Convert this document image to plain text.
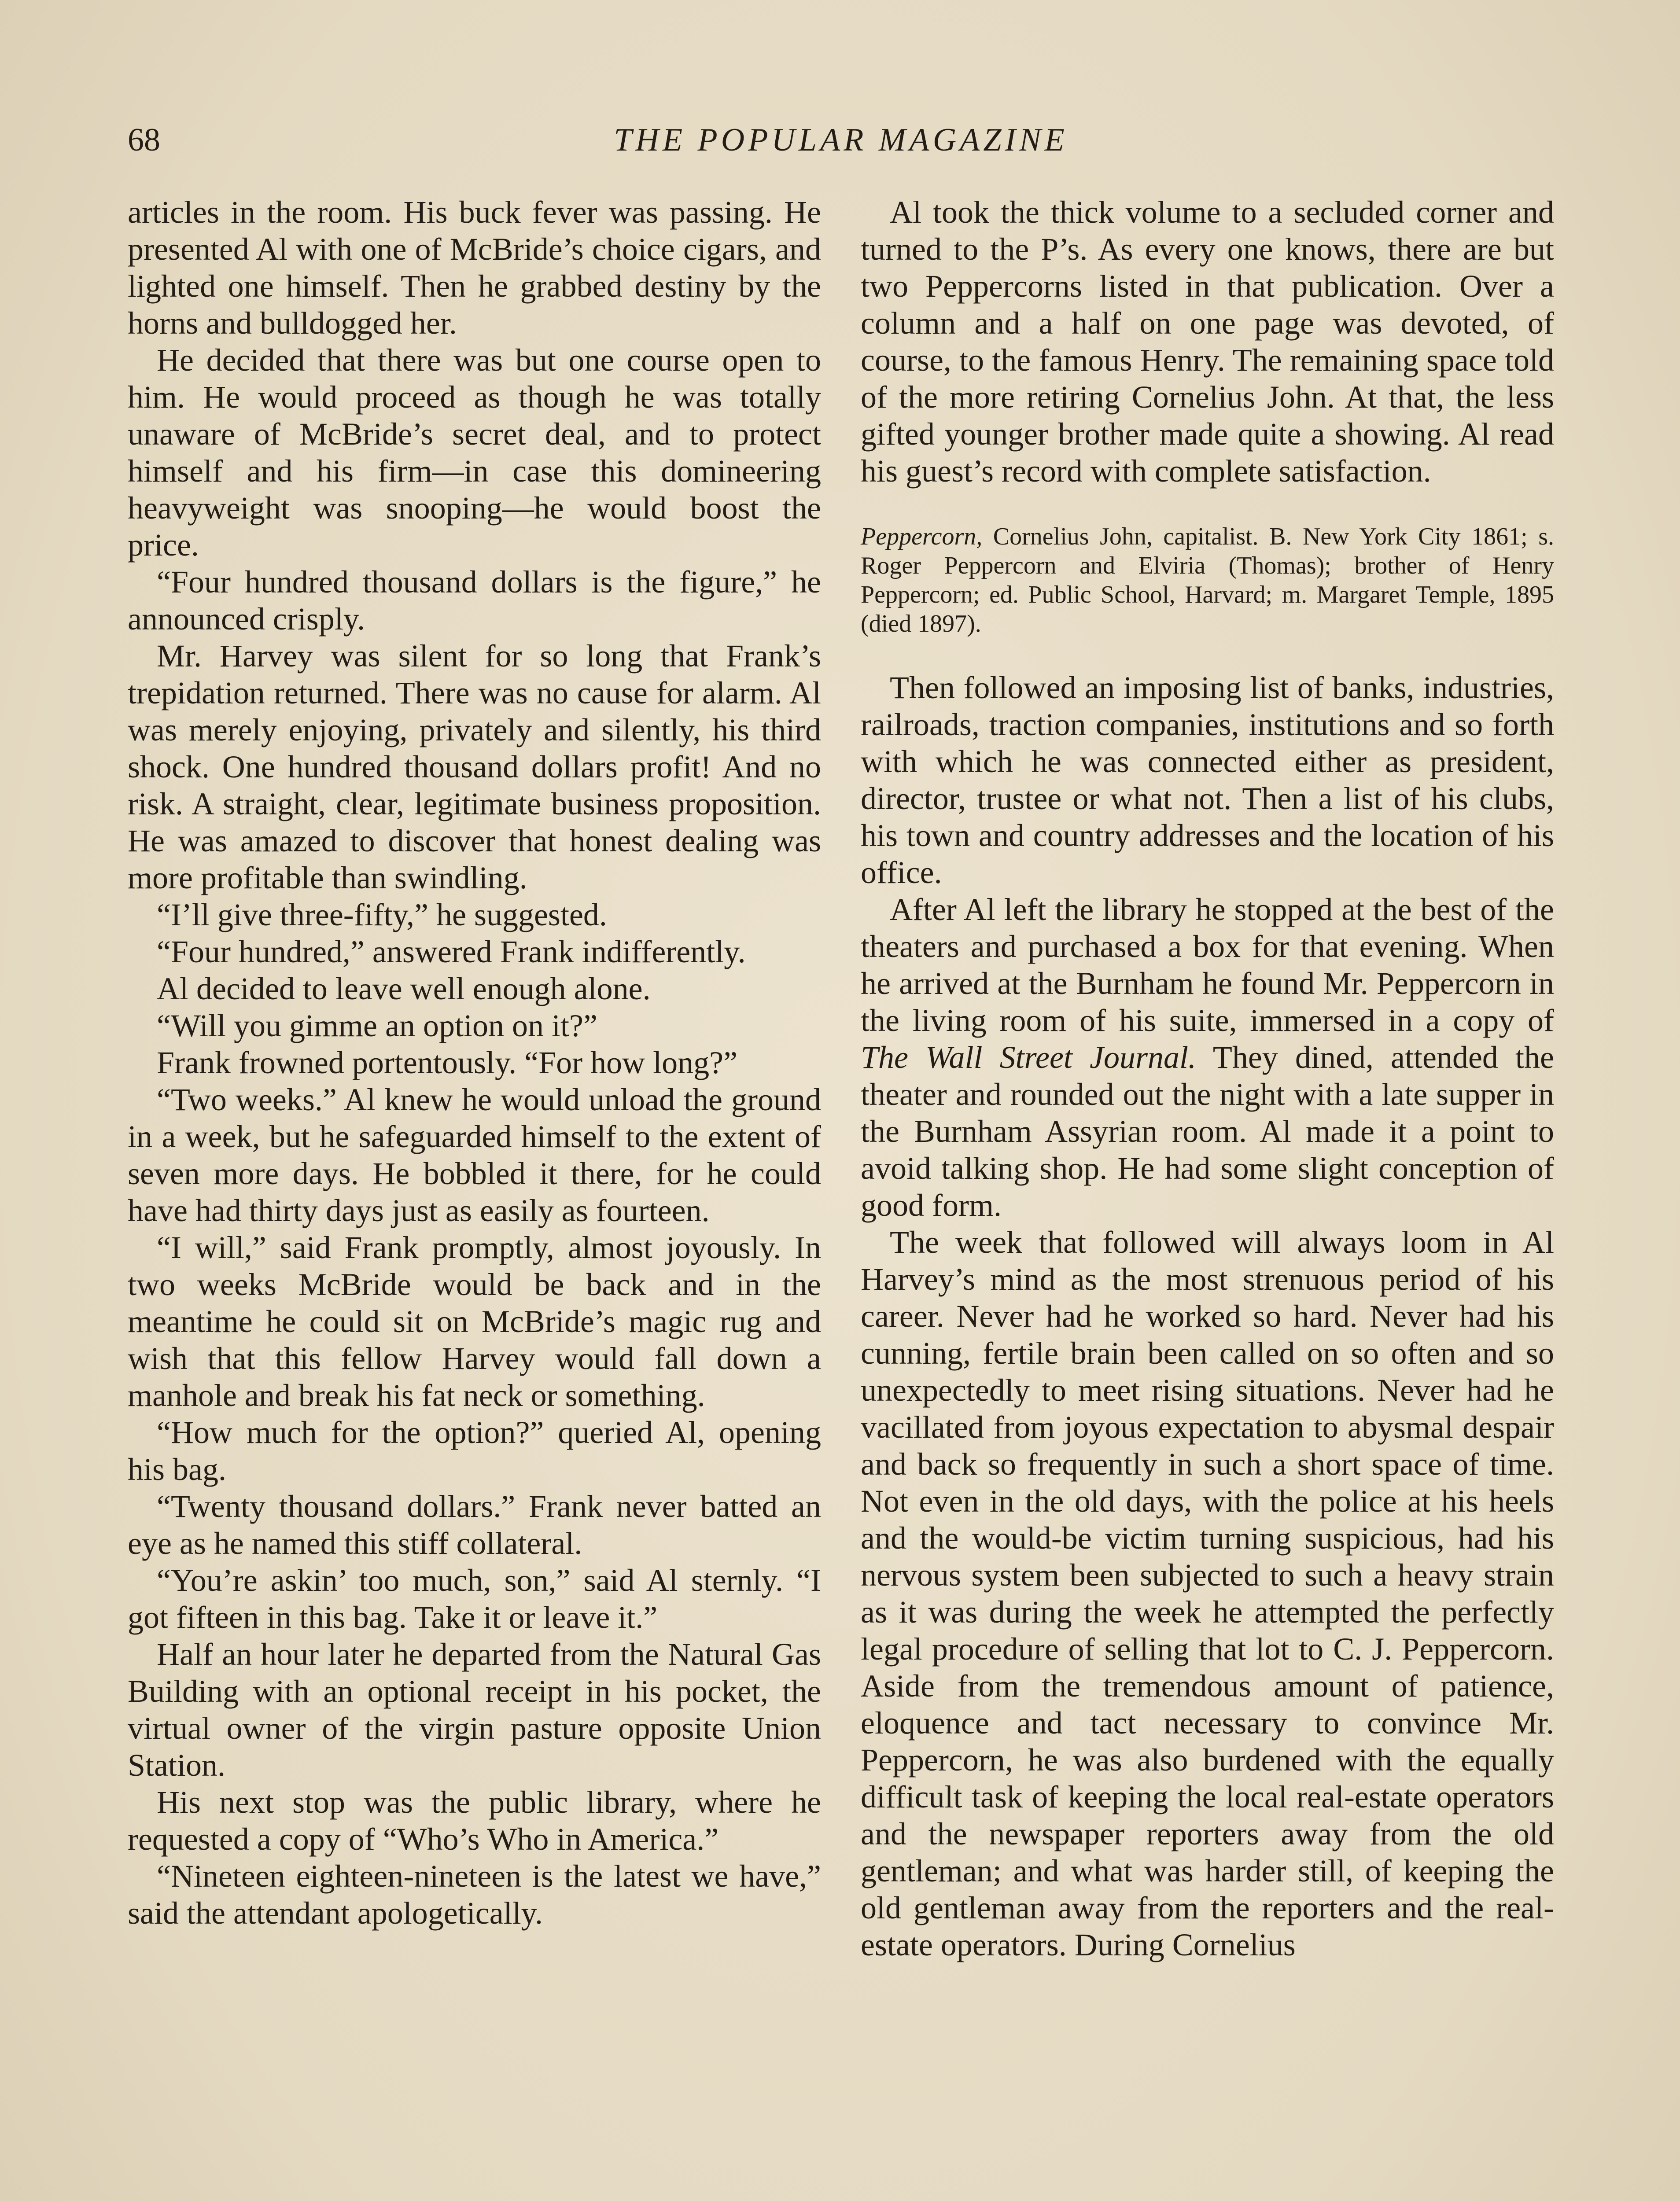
68	THE POPULAR MAGAZINE

articles in the room. His buck fever was passing. He presented Al with one of McBride’s choice cigars, and lighted one himself. Then he grabbed destiny by the horns and bulldogged her.

He decided that there was but one course open to him. He would proceed as though he was totally unaware of McBride’s secret deal, and to protect himself and his firm—in case this domineering heavyweight was snooping—he would boost the price.

“Four hundred thousand dollars is the figure,” he announced crisply.

Mr. Harvey was silent for so long that Frank’s trepidation returned. There was no cause for alarm. Al was merely enjoying, privately and silently, his third shock. One hundred thousand dollars profit! And no risk. A straight, clear, legitimate business proposition. He was amazed to discover that honest dealing was more profitable than swindling.

“I’ll give three-fifty,” he suggested.

“Four hundred,” answered Frank indifferently.

Al decided to leave well enough alone.

“Will you gimme an option on it?”

Frank frowned portentously. “For how long?”

“Two weeks.” Al knew he would unload the ground in a week, but he safeguarded himself to the extent of seven more days. He bobbled it there, for he could have had thirty days just as easily as fourteen.

“I will,” said Frank promptly, almost joyously. In two weeks McBride would be back and in the meantime he could sit on McBride’s magic rug and wish that this fellow Harvey would fall down a manhole and break his fat neck or something.

“How much for the option?” queried Al, opening his bag.

“Twenty thousand dollars.” Frank never batted an eye as he named this stiff collateral.

“You’re askin’ too much, son,” said Al sternly. “I got fifteen in this bag. Take it or leave it.”

Half an hour later he departed from the Natural Gas Building with an optional receipt in his pocket, the virtual owner of the virgin pasture opposite Union Station.

His next stop was the public library, where he requested a copy of “Who’s Who in America.”

“Nineteen eighteen-nineteen is the latest we have,” said the attendant apologetically.

Al took the thick volume to a secluded corner and turned to the P’s. As every one knows, there are but two Peppercorns listed in that publication. Over a column and a half on one page was devoted, of course, to the famous Henry. The remaining space told of the more retiring Cornelius John. At that, the less gifted younger brother made quite a showing. Al read his guest’s record with complete satisfaction.

Peppercorn, Cornelius John, capitalist. B. New York City 1861; s. Roger Peppercorn and Elviria (Thomas); brother of Henry Peppercorn; ed. Public School, Harvard; m. Margaret Temple, 1895 (died 1897).

Then followed an imposing list of banks, industries, railroads, traction companies, institutions and so forth with which he was connected either as president, director, trustee or what not. Then a list of his clubs, his town and country addresses and the location of his office.

After Al left the library he stopped at the best of the theaters and purchased a box for that evening. When he arrived at the Burnham he found Mr. Peppercorn in the living room of his suite, immersed in a copy of The Wall Street Journal. They dined, attended the theater and rounded out the night with a late supper in the Burnham Assyrian room. Al made it a point to avoid talking shop. He had some slight conception of good form.

The week that followed will always loom in Al Harvey’s mind as the most strenuous period of his career. Never had he worked so hard. Never had his cunning, fertile brain been called on so often and so unexpectedly to meet rising situations. Never had he vacillated from joyous expectation to abysmal despair and back so frequently in such a short space of time. Not even in the old days, with the police at his heels and the would-be victim turning suspicious, had his nervous system been subjected to such a heavy strain as it was during the week he attempted the perfectly legal procedure of selling that lot to C. J. Peppercorn. Aside from the tremendous amount of patience, eloquence and tact necessary to convince Mr. Peppercorn, he was also burdened with the equally difficult task of keeping the local real-estate operators and the newspaper reporters away from the old gentleman; and what was harder still, of keeping the old gentleman away from the reporters and the real-estate operators. During Cornelius
